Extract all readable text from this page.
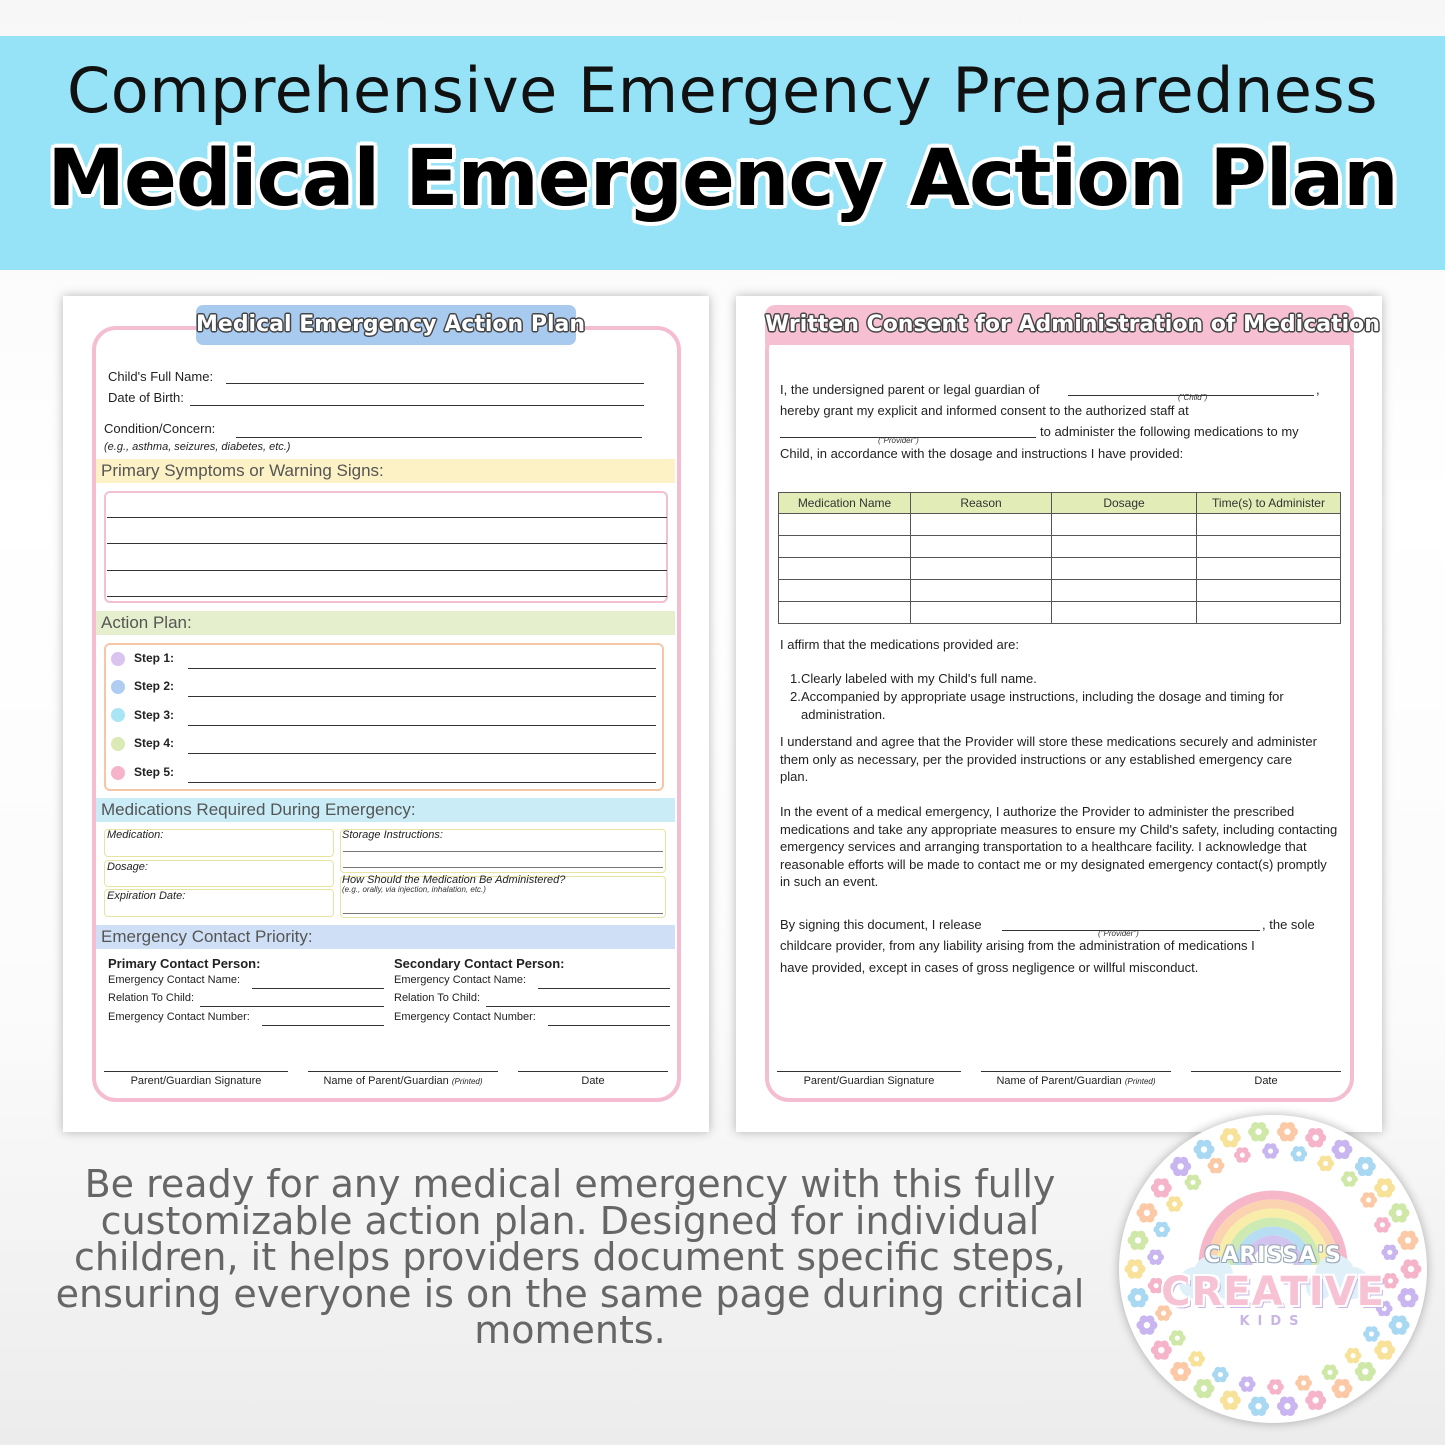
Comprehensive Emergency Preparedness
Medical Emergency Action Plan
Medical Emergency Action Plan
Child's Full Name:
Date of Birth:
Condition/Concern:
(e.g., asthma, seizures, diabetes, etc.)
Primary Symptoms or Warning Signs:
Action Plan:
Step 1:
Step 2:
Step 3:
Step 4:
Step 5:
Medications Required During Emergency:
Medication:
Dosage:
Expiration Date:
Storage Instructions:
How Should the Medication Be Administered?
(e.g., orally, via injection, inhalation, etc.)
Emergency Contact Priority:
Primary Contact Person:
Emergency Contact Name:
Relation To Child:
Emergency Contact Number:
Secondary Contact Person:
Emergency Contact Name:
Relation To Child:
Emergency Contact Number:
Parent/Guardian Signature	Name of Parent/Guardian (Printed)	Date
Written Consent for Administration of Medication
I, the undersigned parent or legal guardian of
("Child")
,
hereby grant my explicit and informed consent to the authorized staff at
("Provider")
to administer the following medications to my
Child, in accordance with the dosage and instructions I have provided:
Medication Name	Reason	Dosage	Time(s) to Administer

I affirm that the medications provided are:
1. Clearly labeled with my Child's full name.
2. Accompanied by appropriate usage instructions, including the dosage and timing for administration.
I understand and agree that the Provider will store these medications securely and administer them only as necessary, per the provided instructions or any established emergency care plan.
In the event of a medical emergency, I authorize the Provider to administer the prescribed medications and take any appropriate measures to ensure my Child's safety, including contacting emergency services and arranging transportation to a healthcare facility. I acknowledge that reasonable efforts will be made to contact me or my designated emergency contact(s) promptly in such an event.
By signing this document, I release
("Provider")
, the sole
childcare provider, from any liability arising from the administration of medications I
have provided, except in cases of gross negligence or willful misconduct.
Parent/Guardian Signature	Name of Parent/Guardian (Printed)	Date
Be ready for any medical emergency with this fully customizable action plan. Designed for individual children, it helps providers document specific steps, ensuring everyone is on the same page during critical moments.
CARISSA'S
CREATIVE
KIDS
